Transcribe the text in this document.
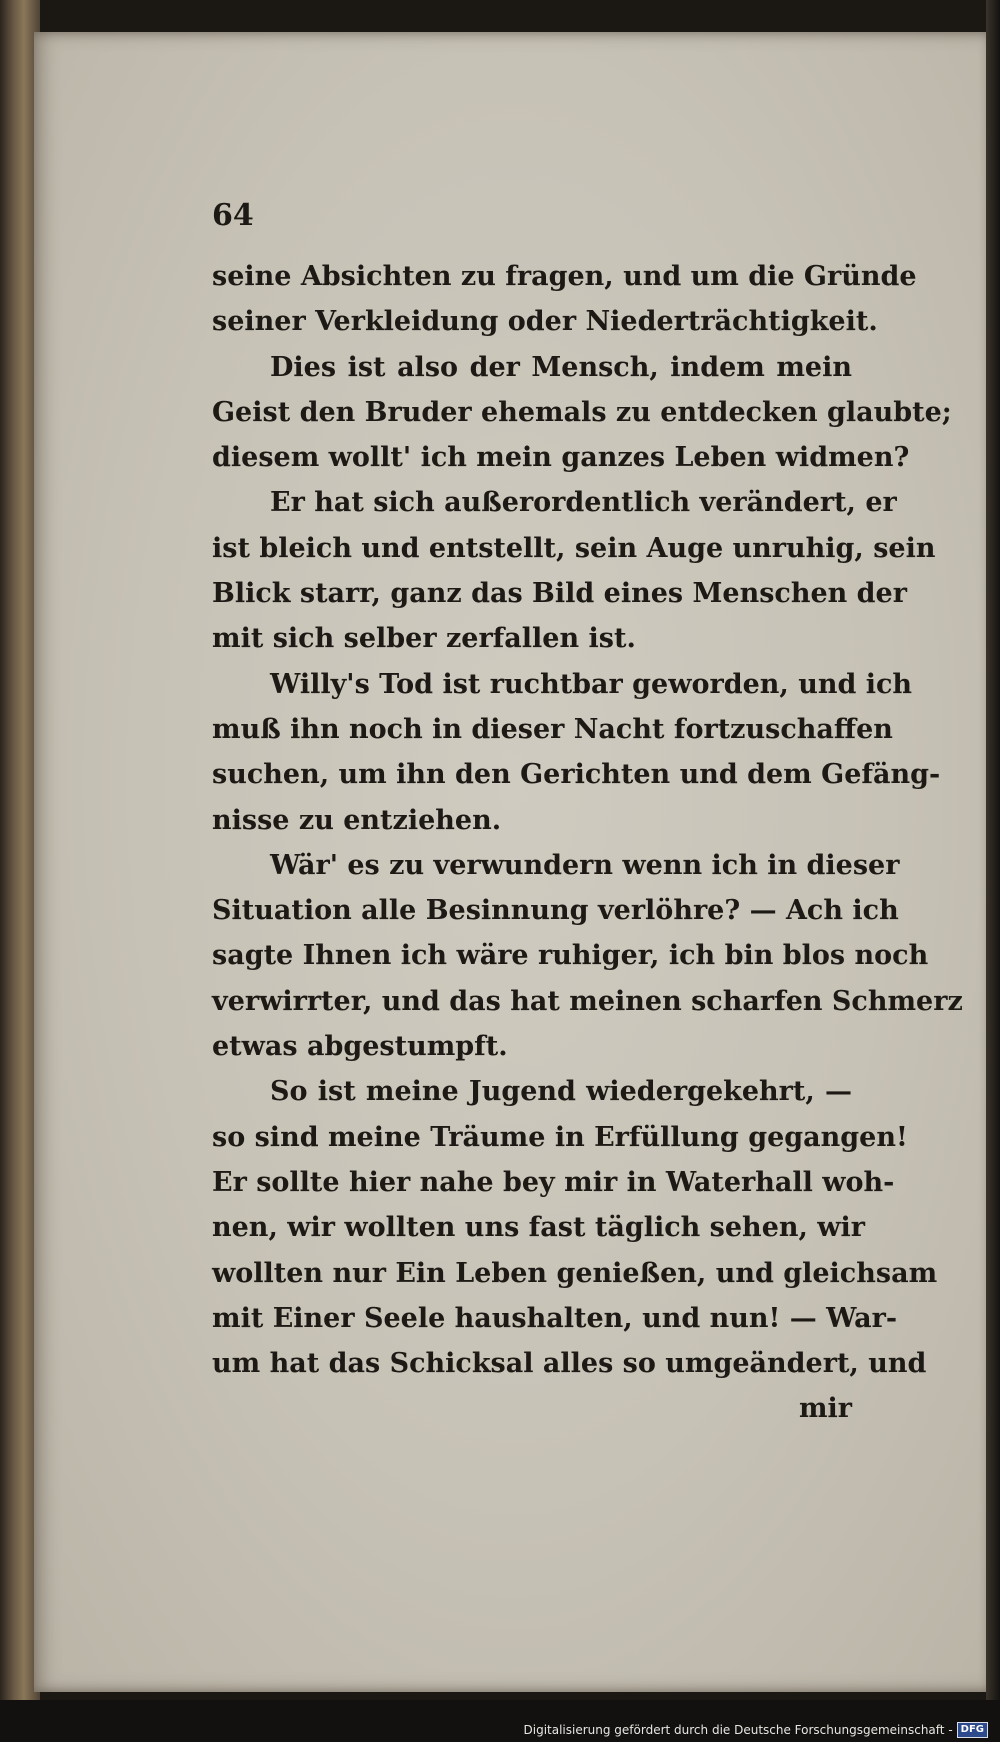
64
seine Absichten zu fragen, und um die Gründe
seiner Verkleidung oder Niederträchtigkeit.
Dies ist also der Mensch, indem mein
Geist den Bruder ehemals zu entdecken glaubte;
diesem wollt' ich mein ganzes Leben widmen?
Er hat sich außerordentlich verändert, er
ist bleich und entstellt, sein Auge unruhig, sein
Blick starr, ganz das Bild eines Menschen der
mit sich selber zerfallen ist.
Willy's Tod ist ruchtbar geworden, und ich
muß ihn noch in dieser Nacht fortzuschaffen
suchen, um ihn den Gerichten und dem Gefäng-
nisse zu entziehen.
Wär' es zu verwundern wenn ich in dieser
Situation alle Besinnung verlöhre? — Ach ich
sagte Ihnen ich wäre ruhiger, ich bin blos noch
verwirrter, und das hat meinen scharfen Schmerz
etwas abgestumpft.
So ist meine Jugend wiedergekehrt, —
so sind meine Träume in Erfüllung gegangen!
Er sollte hier nahe bey mir in Waterhall woh-
nen, wir wollten uns fast täglich sehen, wir
wollten nur Ein Leben genießen, und gleichsam
mit Einer Seele haushalten, und nun! — War-
um hat das Schicksal alles so umgeändert, und
mir
Digitalisierung gefördert durch die Deutsche Forschungsgemeinschaft - DFG
